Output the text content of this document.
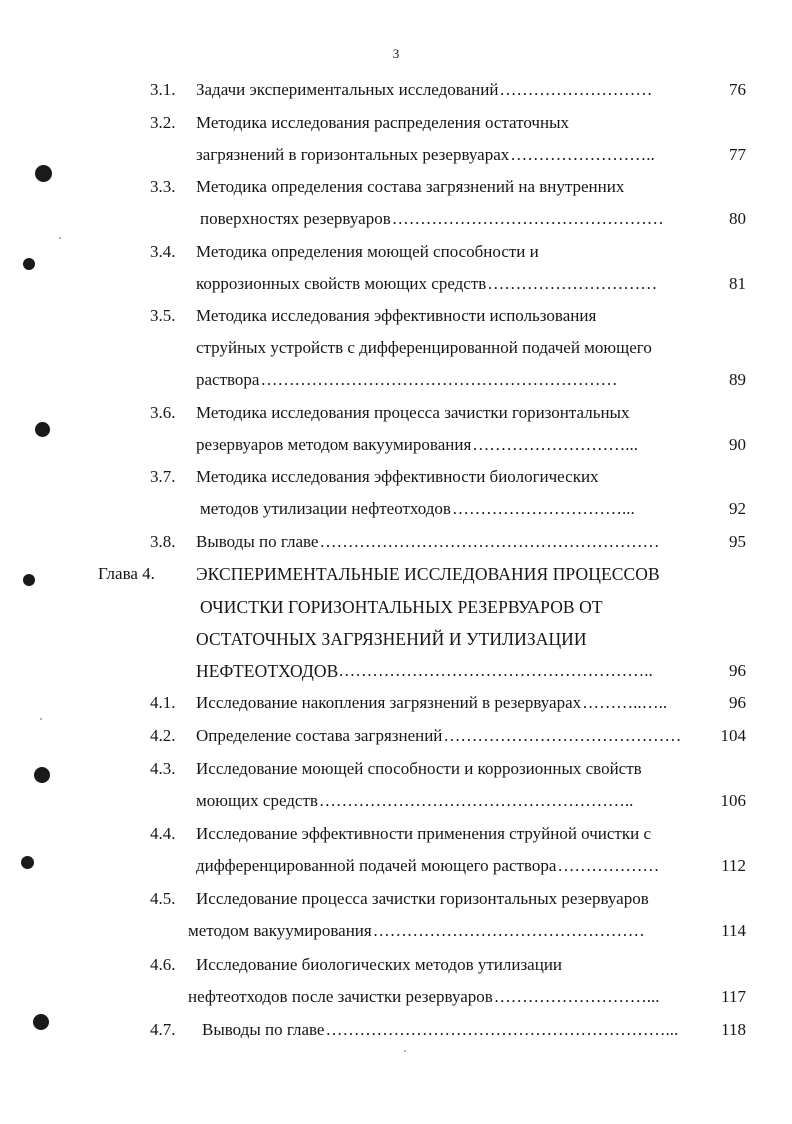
3
3.1. Задачи экспериментальных исследований ………………………	76
3.2. Методика исследования распределения остаточных
загрязнений в горизонтальных резервуарах ……………………..	77
3.3. Методика определения состава загрязнений на внутренних
поверхностях резервуаров …………………………………………	80
3.4. Методика определения моющей способности и
коррозионных свойств моющих средств …………………………	81
3.5. Методика исследования эффективности использования
струйных устройств с дифференцированной подачей моющего
раствора ………………………………………………………	89
3.6. Методика исследования процесса зачистки горизонтальных
резервуаров методом вакуумирования ………………………...	90
3.7. Методика исследования эффективности биологических
методов утилизации нефтеотходов …………………………...	92
3.8. Выводы по главе ……………………………………………………	95
Глава 4. ЭКСПЕРИМЕНТАЛЬНЫЕ ИССЛЕДОВАНИЯ ПРОЦЕССОВ
ОЧИСТКИ ГОРИЗОНТАЛЬНЫХ РЕЗЕРВУАРОВ ОТ
ОСТАТОЧНЫХ ЗАГРЯЗНЕНИЙ И УТИЛИЗАЦИИ
НЕФТЕОТХОДОВ ………………………………………………..	96
4.1. Исследование накопления загрязнений в резервуарах ………..…..	96
4.2. Определение состава загрязнений ……………………………………	104
4.3. Исследование моющей способности и коррозионных свойств
моющих средств ………………………………………………..	106
4.4. Исследование эффективности применения струйной очистки с
дифференцированной подачей моющего раствора ………………	112
4.5. Исследование процесса зачистки горизонтальных резервуаров
методом вакуумирования …………………………………………	114
4.6. Исследование биологических методов утилизации
нефтеотходов после зачистки резервуаров ………………………...	117
4.7. Выводы по главе ……………………………………………………...	118
